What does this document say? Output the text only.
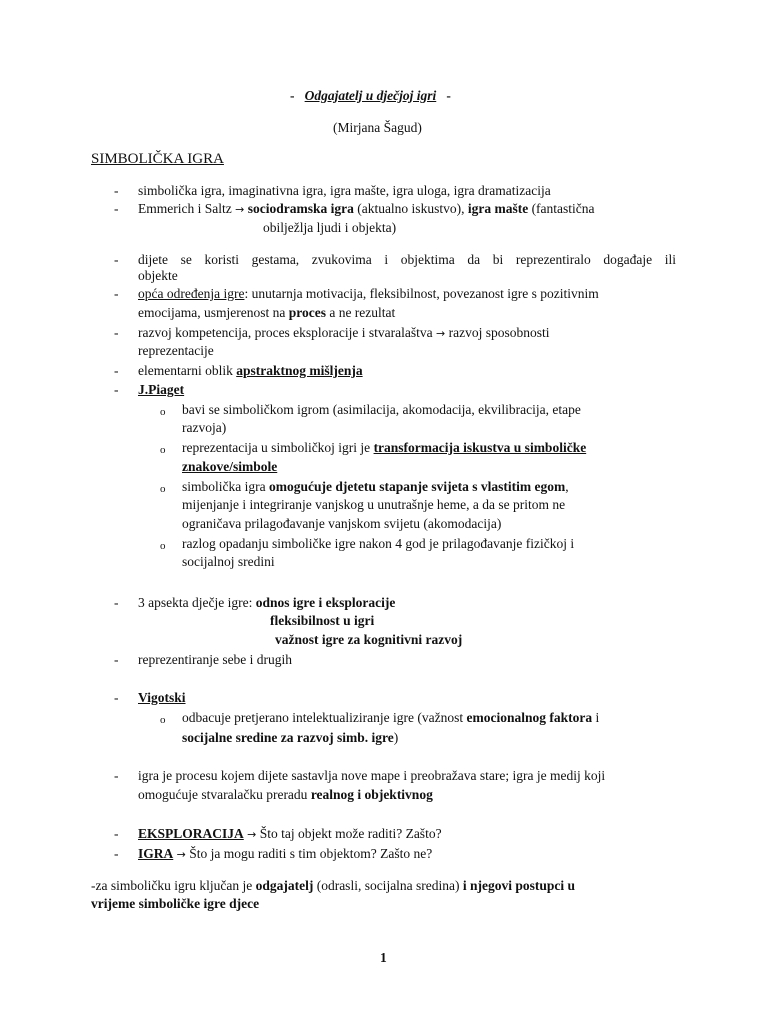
- Odgajatelj u dječjoj igri -
(Mirjana Šagud)
SIMBOLIČKA IGRA
- simbolička igra, imaginativna igra, igra mašte, igra uloga, igra dramatizacija
- Emmerich i Saltz → sociodramska igra (aktualno iskustvo), igra mašte (fantastična
obilježlja ljudi i objekta)
- dijete se koristi gestama, zvukovima i objektima da bi reprezentiralo događaje ili
objekte
- opća određenja igre: unutarnja motivacija, fleksibilnost, povezanost igre s pozitivnim
emocijama, usmjerenost na proces a ne rezultat
- razvoj kompetencija, proces eksploracije i stvaralaštva → razvoj sposobnosti
reprezentacije
- elementarni oblik apstraktnog mišljenja
- J.Piaget
o bavi se simboličkom igrom (asimilacija, akomodacija, ekvilibracija, etape
razvoja)
o reprezentacija u simboličkoj igri je transformacija iskustva u simboličke
znakove/simbole
o simbolička igra omogućuje djetetu stapanje svijeta s vlastitim egom,
mijenjanje i integriranje vanjskog u unutrašnje heme, a da se pritom ne
ograničava prilagođavanje vanjskom svijetu (akomodacija)
o razlog opadanju simboličke igre nakon 4 god je prilagođavanje fizičkoj i
socijalnoj sredini
- 3 apsekta dječje igre: odnos igre i eksploracije
fleksibilnost u igri
važnost igre za kognitivni razvoj
- reprezentiranje sebe i drugih
- Vigotski
o odbacuje pretjerano intelektualiziranje igre (važnost emocionalnog faktora i
socijalne sredine za razvoj simb. igre)
- igra je procesu kojem dijete sastavlja nove mape i preobražava stare; igra je medij koji
omogućuje stvaralačku preradu realnog i objektivnog
- EKSPLORACIJA → Što taj objekt može raditi? Zašto?
- IGRA → Što ja mogu raditi s tim objektom? Zašto ne?
-za simboličku igru ključan je odgajatelj (odrasli, socijalna sredina) i njegovi postupci u
vrijeme simboličke igre djece
1
